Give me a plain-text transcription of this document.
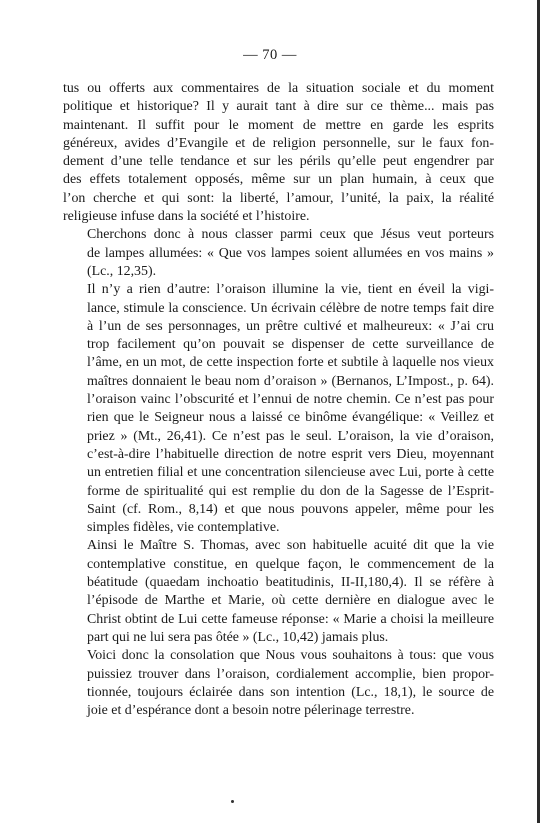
— 70 —

tus ou offerts aux commentaires de la situation sociale et du moment
politique et historique? Il y aurait tant à dire sur ce thème... mais pas
maintenant. Il suffit pour le moment de mettre en garde les esprits
généreux, avides d’Evangile et de religion personnelle, sur le faux fon-
dement d’une telle tendance et sur les périls qu’elle peut engendrer par
des effets totalement opposés, même sur un plan humain, à ceux que
l’on cherche et qui sont: la liberté, l’amour, l’unité, la paix, la réalité
religieuse infuse dans la société et l’histoire.

Cherchons donc à nous classer parmi ceux que Jésus veut porteurs
de lampes allumées: « Que vos lampes soient allumées en vos mains »
(Lc., 12,35).

Il n’y a rien d’autre: l’oraison illumine la vie, tient en éveil la vigi-
lance, stimule la conscience. Un écrivain célèbre de notre temps fait dire
à l’un de ses personnages, un prêtre cultivé et malheureux: « J’ai cru
trop facilement qu’on pouvait se dispenser de cette surveillance de
l’âme, en un mot, de cette inspection forte et subtile à laquelle nos vieux
maîtres donnaient le beau nom d’oraison » (Bernanos, L’Impost., p. 64).
l’oraison vainc l’obscurité et l’ennui de notre chemin. Ce n’est pas pour
rien que le Seigneur nous a laissé ce binôme évangélique: « Veillez et
priez » (Mt., 26,41). Ce n’est pas le seul. L’oraison, la vie d’oraison,
c’est-à-dire l’habituelle direction de notre esprit vers Dieu, moyennant
un entretien filial et une concentration silencieuse avec Lui, porte à cette
forme de spiritualité qui est remplie du don de la Sagesse de l’Esprit-
Saint (cf. Rom., 8,14) et que nous pouvons appeler, même pour les
simples fidèles, vie contemplative.

Ainsi le Maître S. Thomas, avec son habituelle acuité dit que la vie
contemplative constitue, en quelque façon, le commencement de la
béatitude (quaedam inchoatio beatitudinis, II-II,180,4). Il se réfère à
l’épisode de Marthe et Marie, où cette dernière en dialogue avec le
Christ obtint de Lui cette fameuse réponse: « Marie a choisi la meilleure
part qui ne lui sera pas ôtée » (Lc., 10,42) jamais plus.

Voici donc la consolation que Nous vous souhaitons à tous: que vous
puissiez trouver dans l’oraison, cordialement accomplie, bien propor-
tionnée, toujours éclairée dans son intention (Lc., 18,1), le source de
joie et d’espérance dont a besoin notre pélerinage terrestre.
